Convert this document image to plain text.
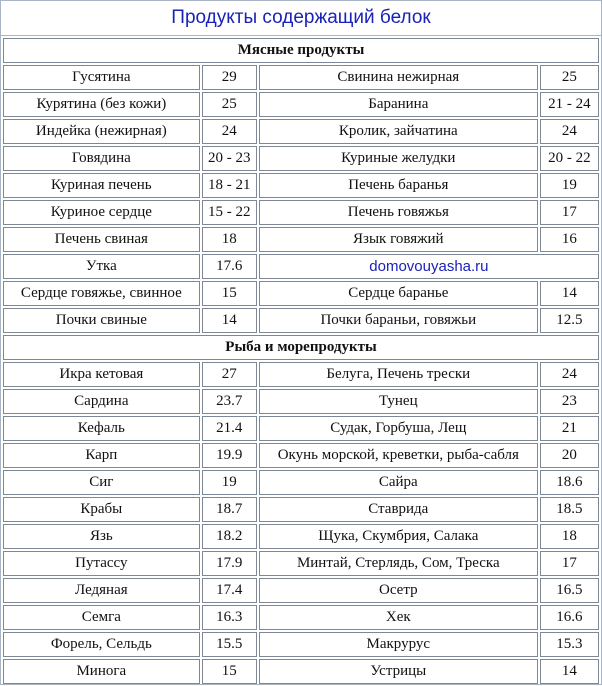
Продукты содержащий белок
Мясные продукты			
Гусятина	29	Свинина нежирная	25
Курятина (без кожи)	25	Баранина	21 - 24
Индейка (нежирная)	24	Кролик, зайчатина	24
Говядина	20 - 23	Куриные желудки	20 - 22
Куриная печень	18 - 21	Печень баранья	19
Куриное сердце	15 - 22	Печень говяжья	17
Печень свиная	18	Язык говяжий	16
Утка	17.6	domovouyasha.ru	
Сердце говяжье, свинное	15	Сердце баранье	14
Почки свиные	14	Почки бараньи, говяжьи	12.5
Рыба и морепродукты			
Икра кетовая	27	Белуга, Печень трески	24
Сардина	23.7	Тунец	23
Кефаль	21.4	Судак, Горбуша, Лещ	21
Карп	19.9	Окунь морской, креветки, рыба-сабля	20
Сиг	19	Сайра	18.6
Крабы	18.7	Ставрида	18.5
Язь	18.2	Щука, Скумбрия, Салака	18
Путассу	17.9	Минтай, Стерлядь, Сом, Треска	17
Ледяная	17.4	Осетр	16.5
Семга	16.3	Хек	16.6
Форель, Сельдь	15.5	Макрурус	15.3
Минога	15	Устрицы	14
